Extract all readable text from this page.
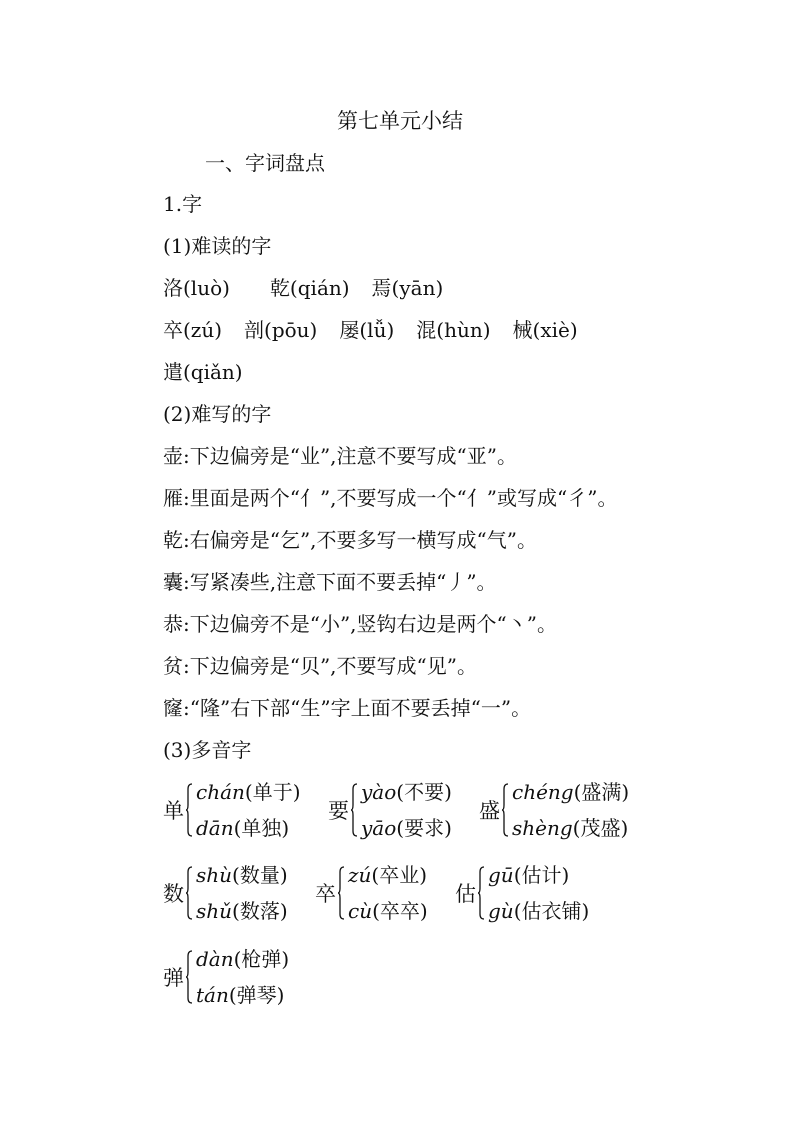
第七单元小结
一、字词盘点
1.字
(1)难读的字
洛(luò) 乾(qián) 焉(yān)
卒(zú) 剖(pōu) 屡(lǚ) 混(hùn) 械(xiè)
遣(qiǎn)
(2)难写的字
壶:下边偏旁是“业”,注意不要写成“亚”。
雁:里面是两个“亻”,不要写成一个“亻”或写成“彳”。
乾:右偏旁是“乞”,不要多写一横写成“气”。
囊:写紧凑些,注意下面不要丢掉“丿”。
恭:下边偏旁不是“小”,竖钩右边是两个“丶”。
贫:下边偏旁是“贝”,不要写成“见”。
窿:“隆”右下部“生”字上面不要丢掉“一”。
(3)多音字
单
chán(单于)
dān(单独)
要
yào(不要)
yāo(要求)
盛
chéng(盛满)
shèng(茂盛)
数
shù(数量)
shǔ(数落)
卒
zú(卒业)
cù(卒卒)
估
gū(估计)
gù(估衣铺)
弹
dàn(枪弹)
tán(弹琴)
